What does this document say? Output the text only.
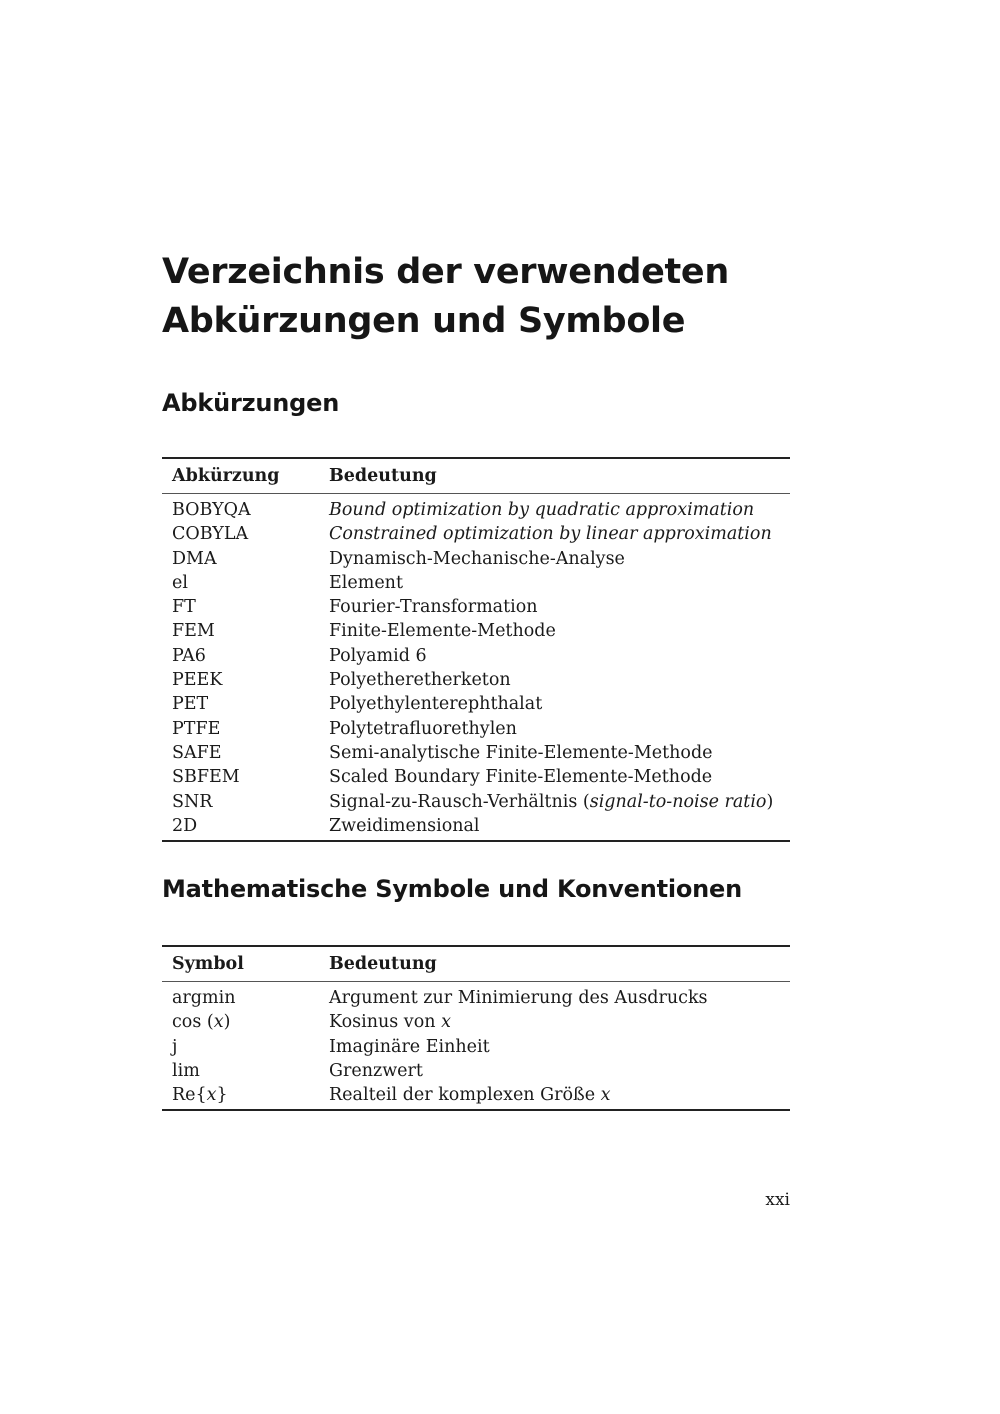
Verzeichnis der verwendeten
Abkürzungen und Symbole
Abkürzungen
Abkürzung	Bedeutung
BOBYQA	Bound optimization by quadratic approximation
COBYLA	Constrained optimization by linear approximation
DMA	Dynamisch-Mechanische-Analyse
el	Element
FT	Fourier-Transformation
FEM	Finite-Elemente-Methode
PA6	Polyamid 6
PEEK	Polyetheretherketon
PET	Polyethylenterephthalat
PTFE	Polytetrafluorethylen
SAFE	Semi-analytische Finite-Elemente-Methode
SBFEM	Scaled Boundary Finite-Elemente-Methode
SNR	Signal-zu-Rausch-Verhältnis (signal-to-noise ratio)
2D	Zweidimensional
Mathematische Symbole und Konventionen
Symbol	Bedeutung
argmin	Argument zur Minimierung des Ausdrucks
cos (x)	Kosinus von x
j	Imaginäre Einheit
lim	Grenzwert
Re{x}	Realteil der komplexen Größe x
xxi
